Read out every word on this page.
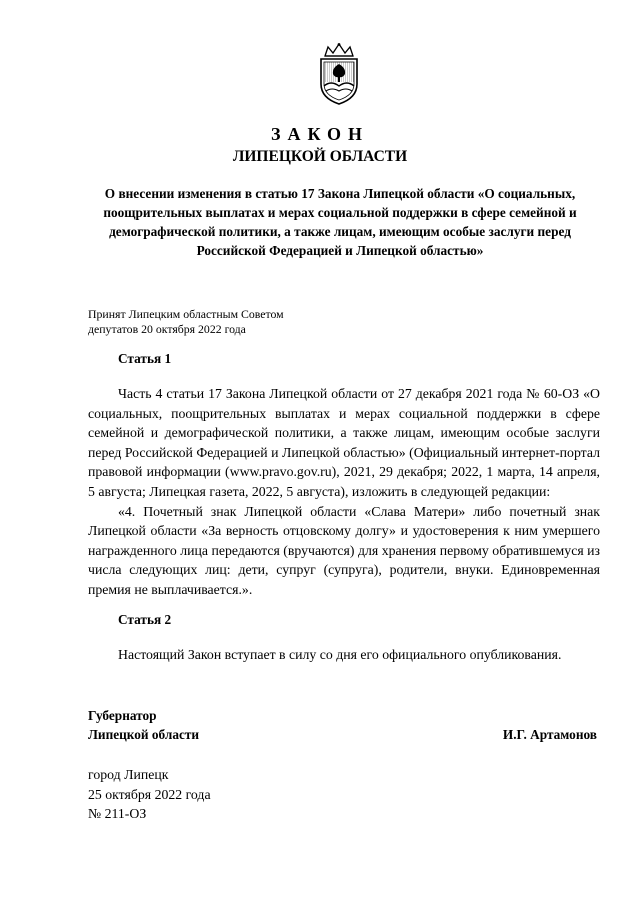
ЗАКОН
ЛИПЕЦКОЙ ОБЛАСТИ
О внесении изменения в статью 17 Закона Липецкой области «О социальных, поощрительных выплатах и мерах социальной поддержки в сфере семейной и демографической политики, а также лицам, имеющим особые заслуги перед Российской Федерацией и Липецкой областью»
Принят Липецким областным Советом
депутатов 20 октября 2022 года
Статья 1

Часть 4 статьи 17 Закона Липецкой области от 27 декабря 2021 года № 60-ОЗ «О социальных, поощрительных выплатах и мерах социальной поддержки в сфере семейной и демографической политики, а также лицам, имеющим особые заслуги перед Российской Федерацией и Липецкой областью» (Официальный интернет-портал правовой информации (www.pravo.gov.ru), 2021, 29 декабря; 2022, 1 марта, 14 апреля, 5 августа; Липецкая газета, 2022, 5 августа), изложить в следующей редакции:

«4. Почетный знак Липецкой области «Слава Матери» либо почетный знак Липецкой области «За верность отцовскому долгу» и удостоверения к ним умершего награжденного лица передаются (вручаются) для хранения первому обратившемуся из числа следующих лиц: дети, супруг (супруга), родители, внуки. Единовременная премия не выплачивается.».

Статья 2

Настоящий Закон вступает в силу со дня его официального опубликования.

Губернатор
Липецкой области	И.Г. Артамонов
город Липецк
25 октября 2022 года
№ 211-ОЗ
